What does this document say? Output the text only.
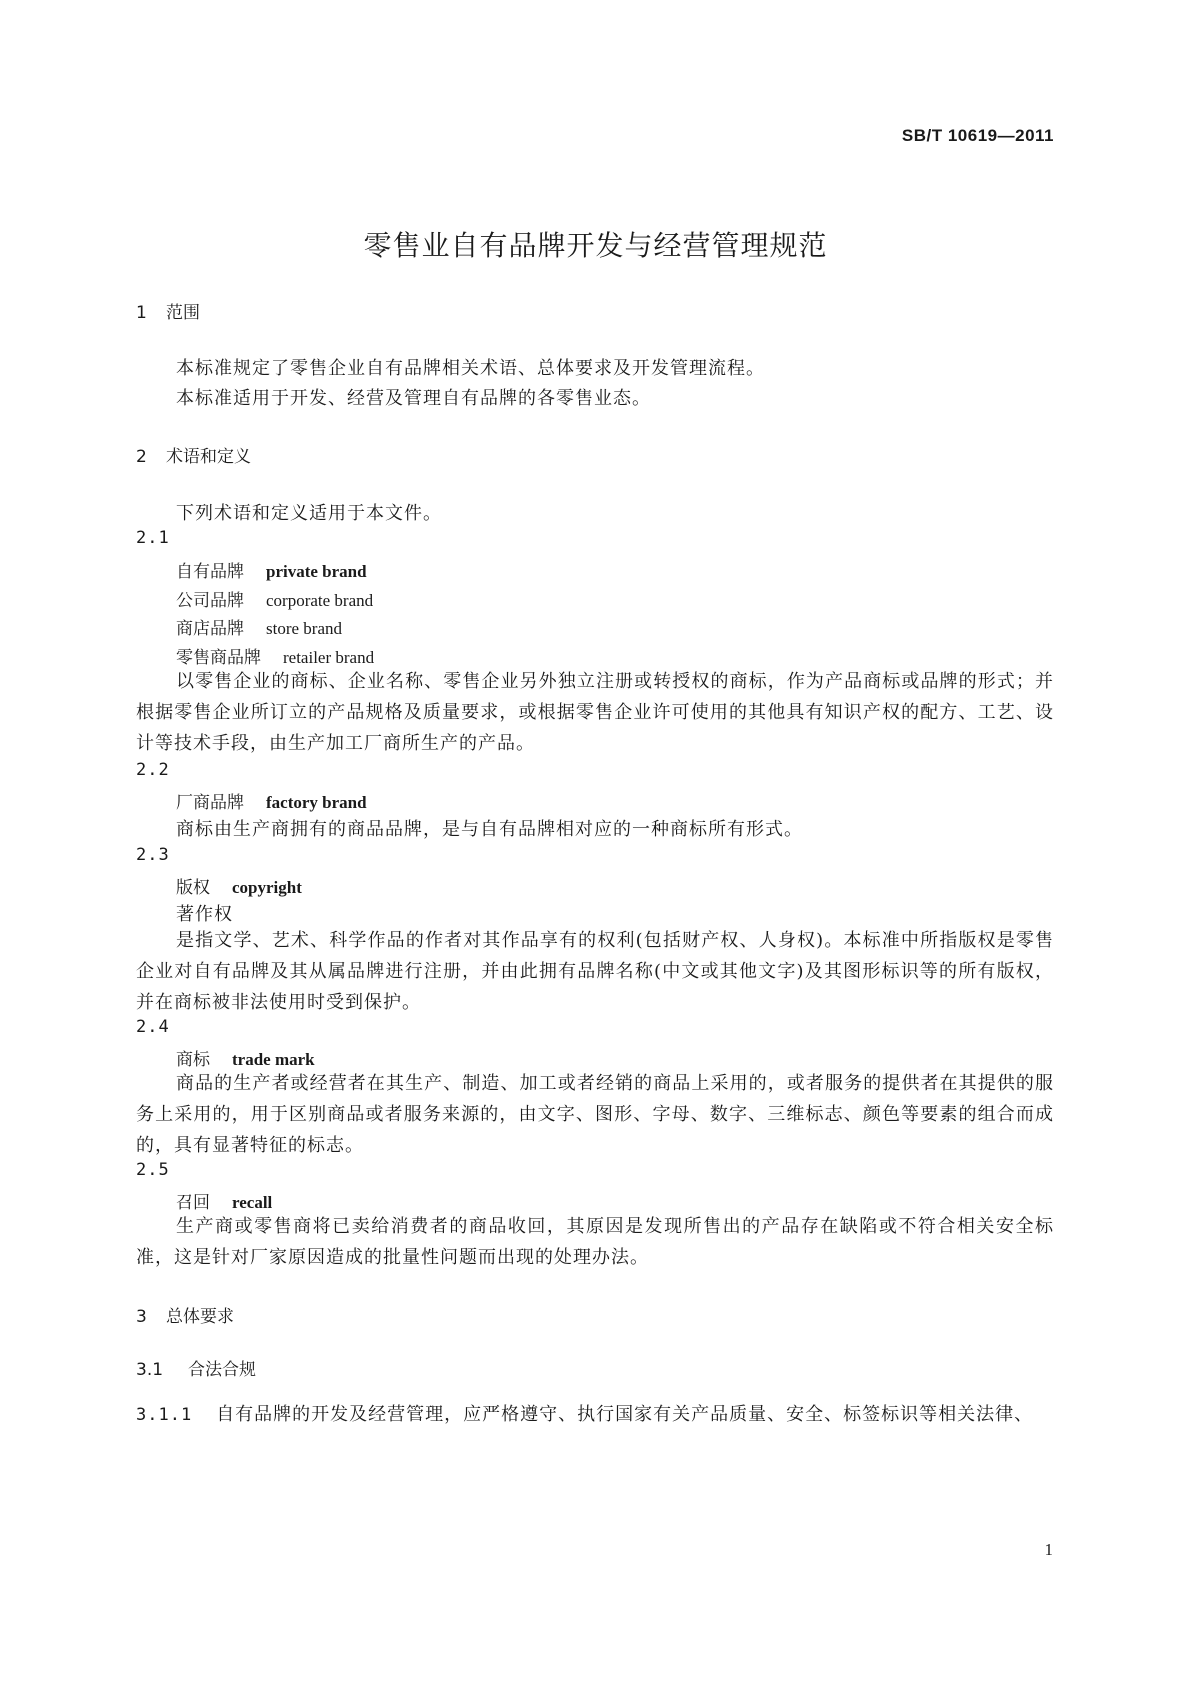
SB/T 10619—2011
零售业自有品牌开发与经营管理规范
1 范围
本标准规定了零售企业自有品牌相关术语、总体要求及开发管理流程。
本标准适用于开发、经营及管理自有品牌的各零售业态。
2 术语和定义
下列术语和定义适用于本文件。
2.1
自有品牌 private brand
公司品牌 corporate brand
商店品牌 store brand
零售商品牌 retailer brand
以零售企业的商标、企业名称、零售企业另外独立注册或转授权的商标，作为产品商标或品牌的形式；并根据零售企业所订立的产品规格及质量要求，或根据零售企业许可使用的其他具有知识产权的配方、工艺、设计等技术手段，由生产加工厂商所生产的产品。
2.2
厂商品牌 factory brand
商标由生产商拥有的商品品牌，是与自有品牌相对应的一种商标所有形式。
2.3
版权 copyright
著作权
是指文学、艺术、科学作品的作者对其作品享有的权利(包括财产权、人身权)。本标准中所指版权是零售企业对自有品牌及其从属品牌进行注册，并由此拥有品牌名称(中文或其他文字)及其图形标识等的所有版权，并在商标被非法使用时受到保护。
2.4
商标 trade mark
商品的生产者或经营者在其生产、制造、加工或者经销的商品上采用的，或者服务的提供者在其提供的服务上采用的，用于区别商品或者服务来源的，由文字、图形、字母、数字、三维标志、颜色等要素的组合而成的，具有显著特征的标志。
2.5
召回 recall
生产商或零售商将已卖给消费者的商品收回，其原因是发现所售出的产品存在缺陷或不符合相关安全标准，这是针对厂家原因造成的批量性问题而出现的处理办法。
3 总体要求
3.1 合法合规
3.1.1 自有品牌的开发及经营管理，应严格遵守、执行国家有关产品质量、安全、标签标识等相关法律、
1
